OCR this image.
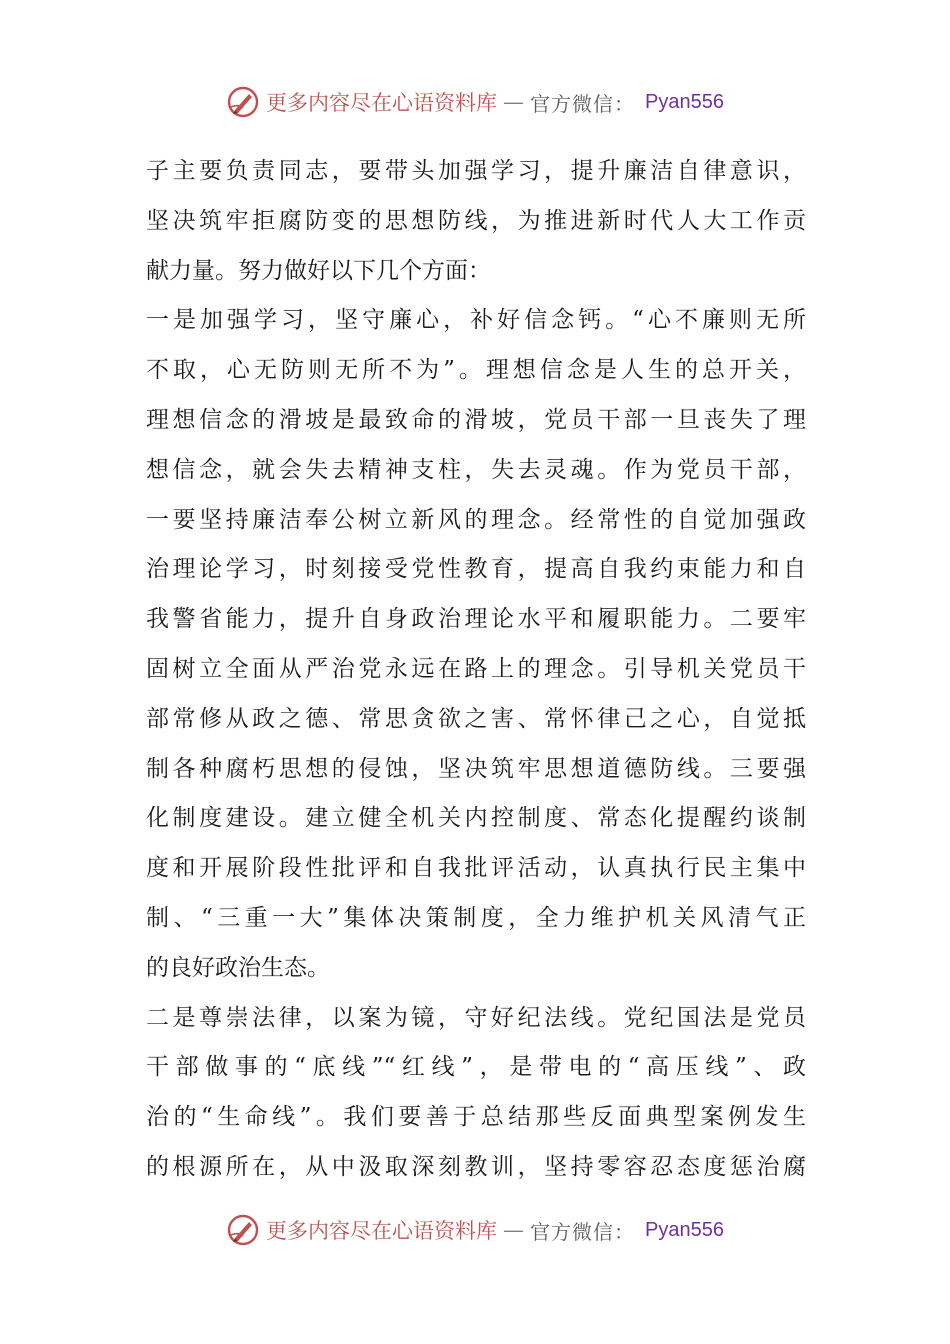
更多内容尽在心语资料库 — 官方微信： Pyan556
子主要负责同志，要带头加强学习，提升廉洁自律意识，
坚决筑牢拒腐防变的思想防线，为推进新时代人大工作贡
献力量。努力做好以下几个方面：
一是加强学习，坚守廉心，补好信念钙。“心不廉则无所
不取，心无防则无所不为”。理想信念是人生的总开关，
理想信念的滑坡是最致命的滑坡，党员干部一旦丧失了理
想信念，就会失去精神支柱，失去灵魂。作为党员干部，
一要坚持廉洁奉公树立新风的理念。经常性的自觉加强政
治理论学习，时刻接受党性教育，提高自我约束能力和自
我警省能力，提升自身政治理论水平和履职能力。二要牢
固树立全面从严治党永远在路上的理念。引导机关党员干
部常修从政之德、常思贪欲之害、常怀律己之心，自觉抵
制各种腐朽思想的侵蚀，坚决筑牢思想道德防线。三要强
化制度建设。建立健全机关内控制度、常态化提醒约谈制
度和开展阶段性批评和自我批评活动，认真执行民主集中
制、“三重一大”集体决策制度，全力维护机关风清气正
的良好政治生态。
二是尊崇法律，以案为镜，守好纪法线。党纪国法是党员
干部做事的“底线”“红线”，是带电的“高压线”、政
治的“生命线”。我们要善于总结那些反面典型案例发生
的根源所在，从中汲取深刻教训，坚持零容忍态度惩治腐
更多内容尽在心语资料库 — 官方微信： Pyan556
